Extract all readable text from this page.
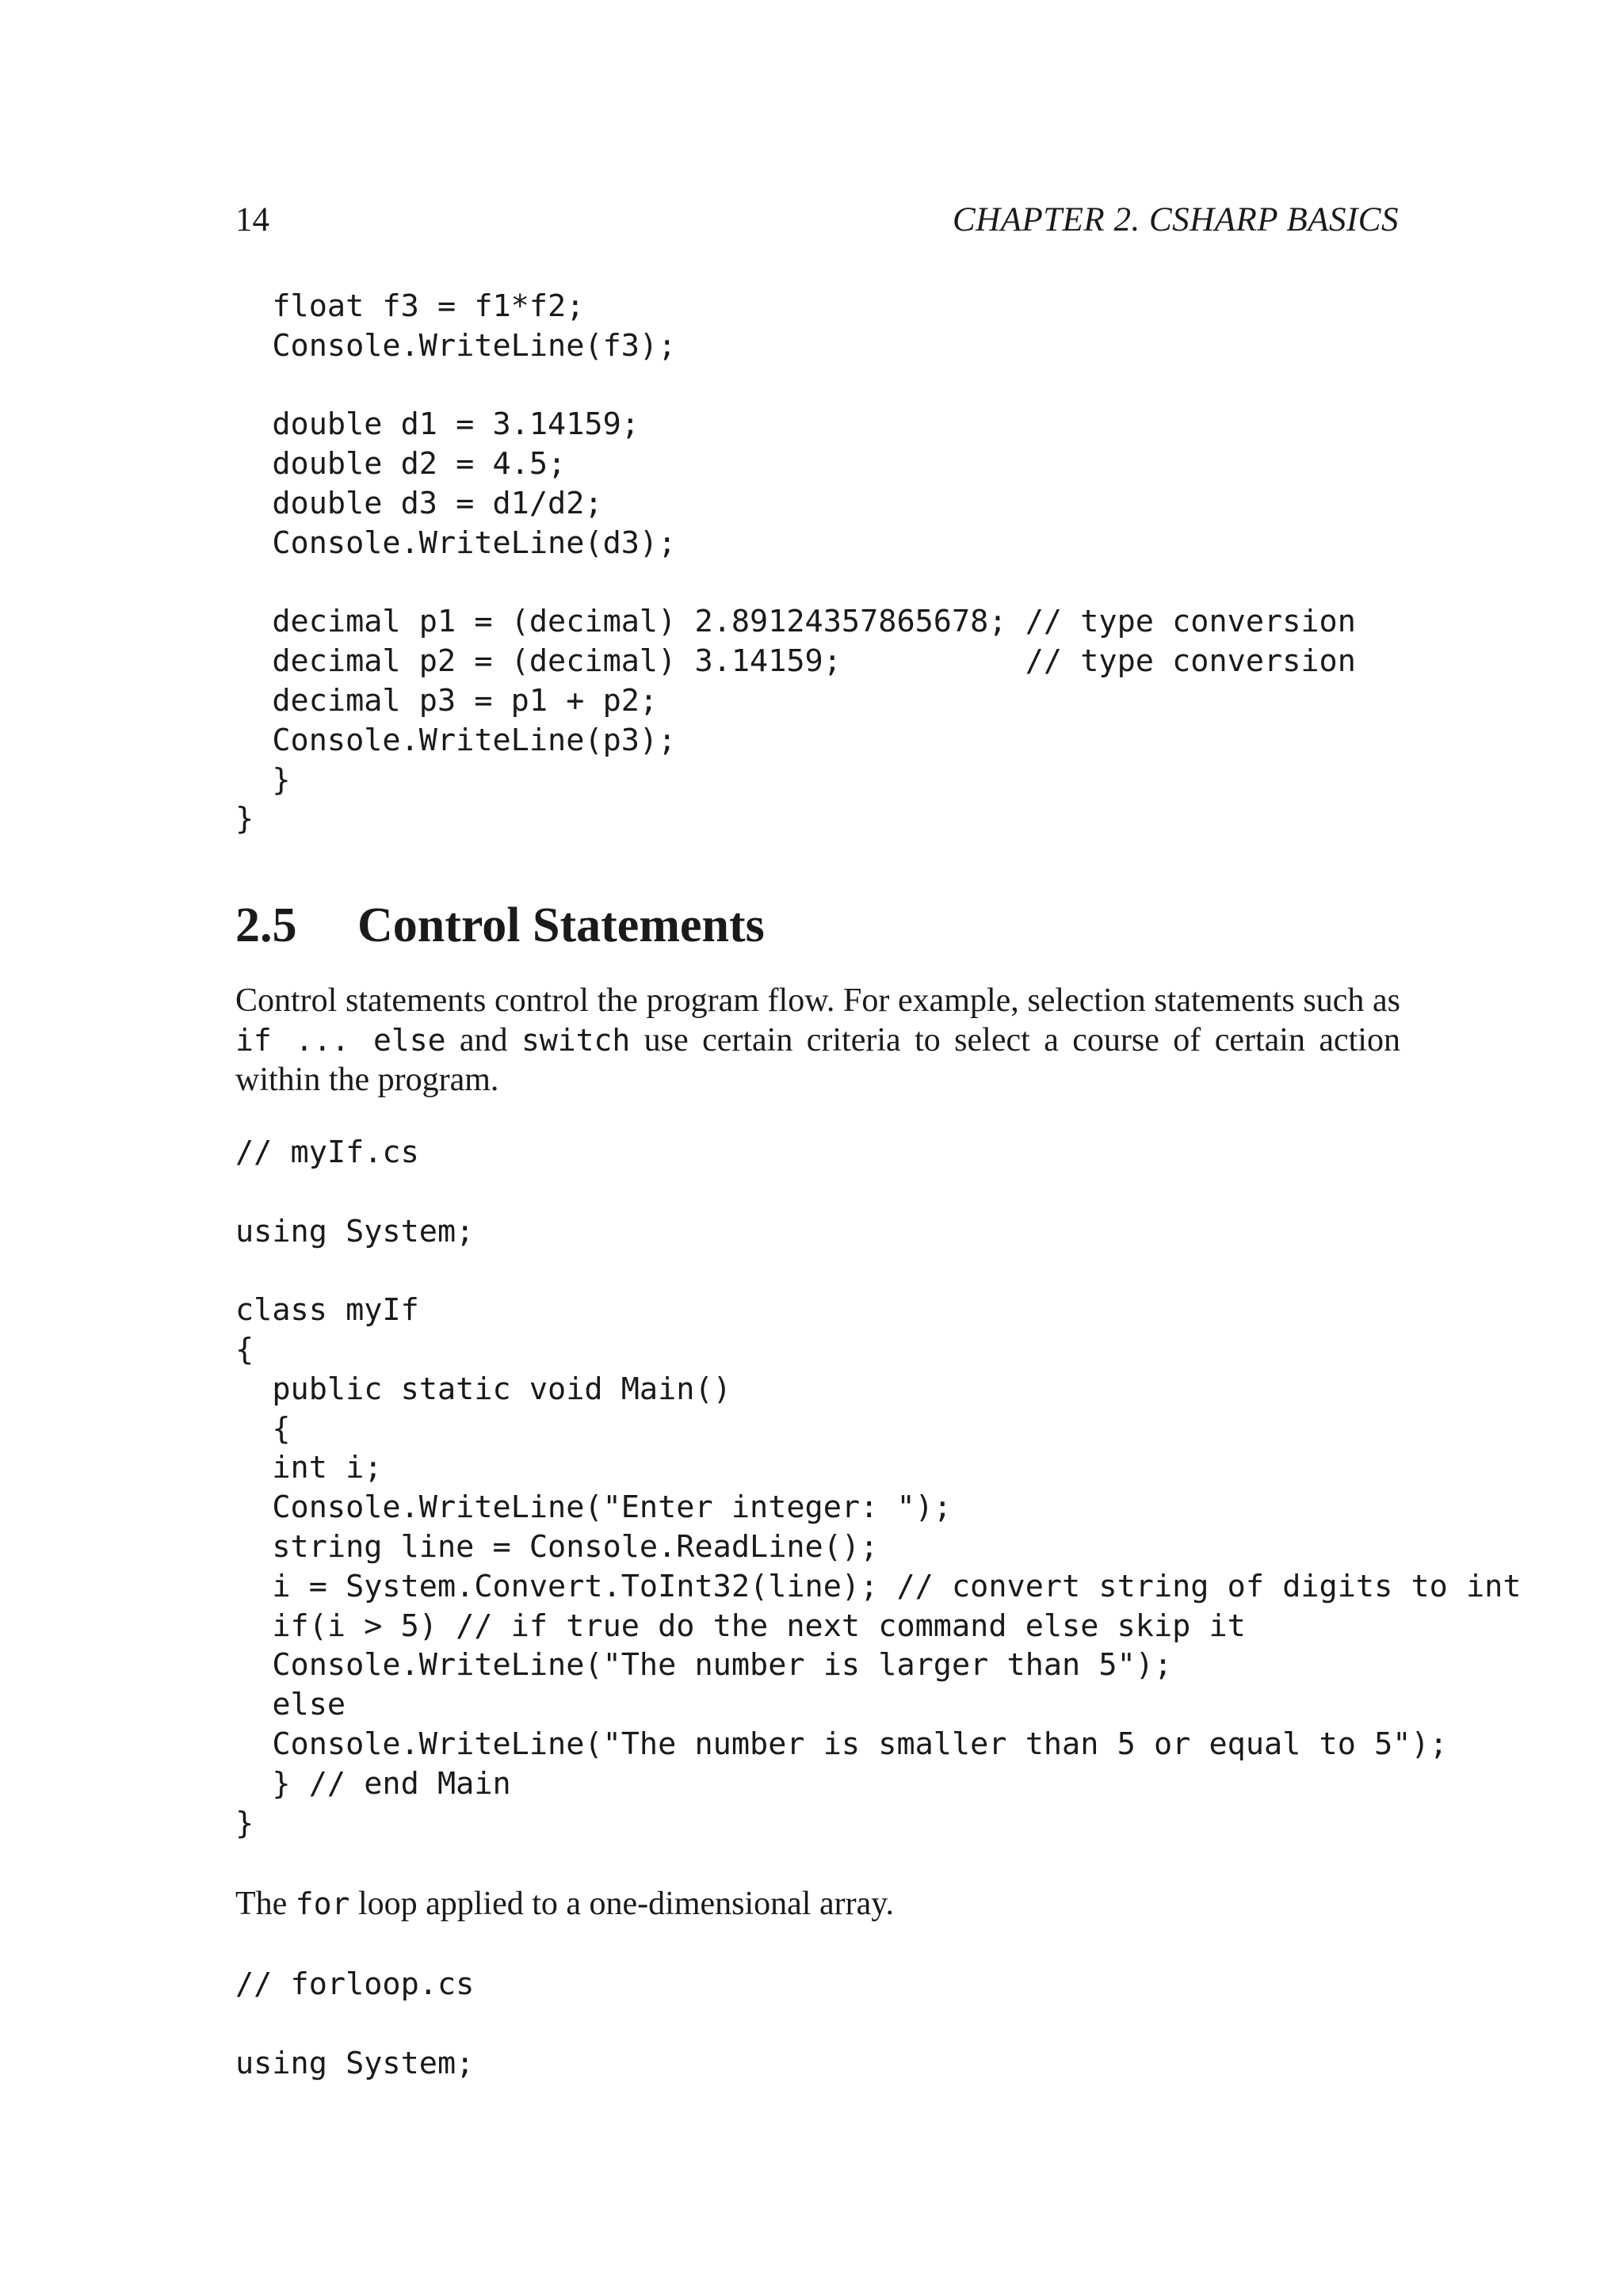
14	CHAPTER 2. CSHARP BASICS
float f3 = f1*f2;
Console.WriteLine(f3);
double d1 = 3.14159;
double d2 = 4.5;
double d3 = d1/d2;
Console.WriteLine(d3);
decimal p1 = (decimal) 2.89124357865678; // type conversion
decimal p2 = (decimal) 3.14159;          // type conversion
decimal p3 = p1 + p2;
Console.WriteLine(p3);
}
}
2.5 Control Statements

Control statements control the program flow. For example, selection statements such as if ... else and switch use certain criteria to select a course of certain action within the program.

// myIf.cs
using System;
class myIf
{
public static void Main()
{
int i;
Console.WriteLine("Enter integer: ");
string line = Console.ReadLine();
i = System.Convert.ToInt32(line); // convert string of digits to int
if(i > 5) // if true do the next command else skip it
Console.WriteLine("The number is larger than 5");
else
Console.WriteLine("The number is smaller than 5 or equal to 5");
} // end Main
}

The for loop applied to a one-dimensional array.

// forloop.cs
using System;
